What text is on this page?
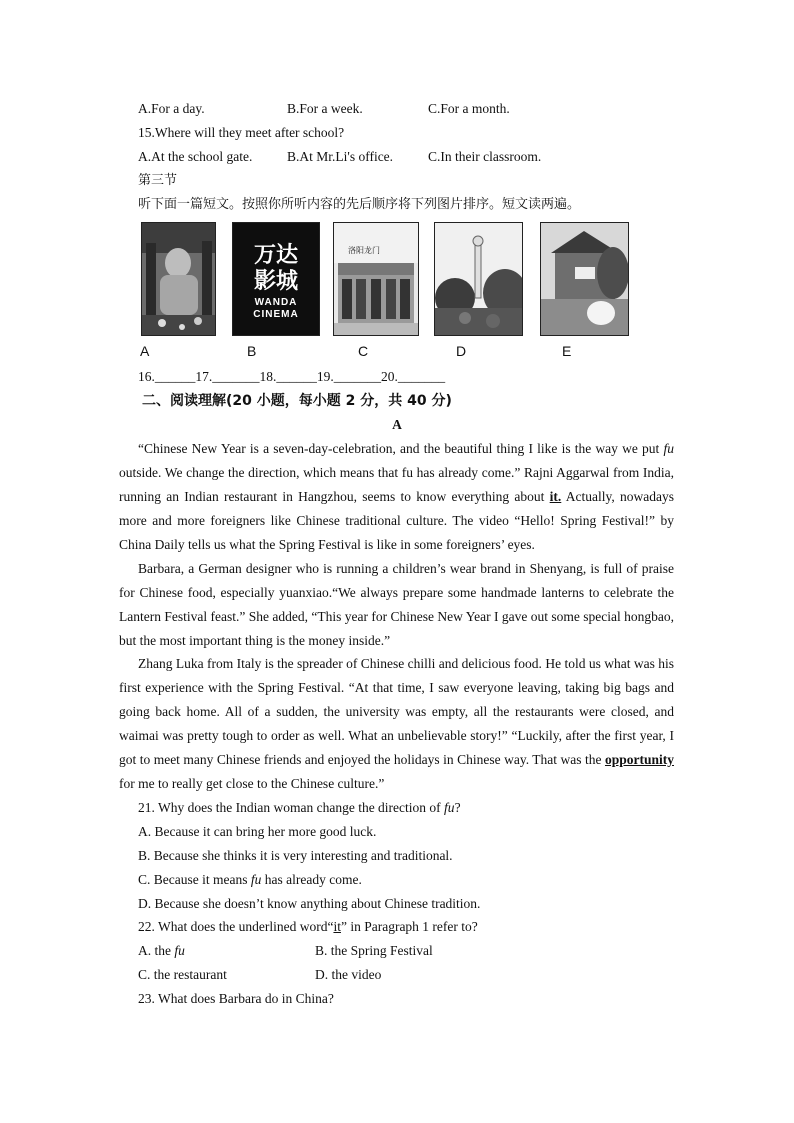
A.For a day.	B.For a week.	C.For a month.
15.Where will they meet after school?
A.At the school gate.	B.At Mr.Li's office.	C.In their classroom.
第三节
听下面一篇短文。按照你所听内容的先后顺序将下列图片排序。短文读两遍。
万达
影城
WANDA
CINEMA
洛阳龙门
A	B	C	D	E
16.______17._______18.______19._______20._______
二、阅读理解(20 小题，每小题 2 分，共 40 分)
A
“Chinese New Year is a seven-day-celebration, and the beautiful thing I like is the way we put fu outside. We change the direction, which means that fu has already come.” Rajni Aggarwal from India, running an Indian restaurant in Hangzhou, seems to know everything about it. Actually, nowadays more and more foreigners like Chinese traditional culture. The video “Hello! Spring Festival!” by China Daily tells us what the Spring Festival is like in some foreigners’ eyes.
Barbara, a German designer who is running a children’s wear brand in Shenyang, is full of praise for Chinese food, especially yuanxiao.“We always prepare some handmade lanterns to celebrate the Lantern Festival feast.” She added, “This year for Chinese New Year I gave out some special hongbao, but the most important thing is the money inside.”
Zhang Luka from Italy is the spreader of Chinese chilli and delicious food. He told us what was his first experience with the Spring Festival. “At that time, I saw everyone leaving, taking big bags and going back home. All of a sudden, the university was empty, all the restaurants were closed, and waimai was pretty tough to order as well. What an unbelievable story!” “Luckily, after the first year, I got to meet many Chinese friends and enjoyed the holidays in Chinese way. That was the opportunity for me to really get close to the Chinese culture.”
21. Why does the Indian woman change the direction of fu?
A. Because it can bring her more good luck.
B. Because she thinks it is very interesting and traditional.
C. Because it means fu has already come.
D. Because she doesn’t know anything about Chinese tradition.
22. What does the underlined word“it” in Paragraph 1 refer to?
A. the fu	B. the Spring Festival
C. the restaurant	D. the video
23. What does Barbara do in China?
